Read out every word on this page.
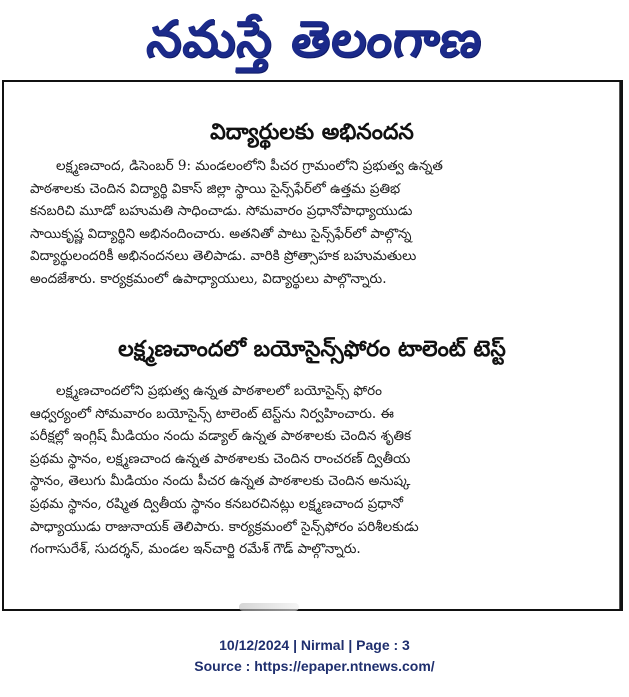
నమస్తే తెలంగాణ
విద్యార్థులకు అభినందన
లక్ష్మణచాంద, డిసెంబర్ 9: మండలంలోని పీచర గ్రామంలోని ప్రభుత్వ ఉన్నత
పాఠశాలకు చెందిన విద్యార్థి వికాస్ జిల్లా స్థాయి సైన్స్‌ఫేర్‌లో ఉత్తమ ప్రతిభ
కనబరిచి మూడో బహుమతి సాధించాడు. సోమవారం ప్రధానోపాధ్యాయుడు
సాయికృష్ణ విద్యార్థిని అభినందించారు. అతనితో పాటు సైన్స్‌ఫేర్‌లో పాల్గొన్న
విద్యార్థులందరికీ అభినందనలు తెలిపాడు. వారికి ప్రోత్సాహక బహుమతులు
అందజేశారు. కార్యక్రమంలో ఉపాధ్యాయులు, విద్యార్థులు పాల్గొన్నారు.
లక్ష్మణచాందలో బయోసైన్స్‌ఫోరం టాలెంట్ టెస్ట్
లక్ష్మణచాందలోని ప్రభుత్వ ఉన్నత పాఠశాలలో బయోసైన్స్ ఫోరం
ఆధ్వర్యంలో సోమవారం బయోసైన్స్ టాలెంట్ టెస్ట్‌ను నిర్వహించారు. ఈ
పరీక్షల్లో ఇంగ్లిష్ మీడియం నందు వడ్యాల్ ఉన్నత పాఠశాలకు చెందిన శృతిక
ప్రథమ స్థానం, లక్ష్మణచాంద ఉన్నత పాఠశాలకు చెందిన రాంచరణ్ ద్వితీయ
స్థానం, తెలుగు మీడియం నందు పీచర ఉన్నత పాఠశాలకు చెందిన అనుష్క
ప్రథమ స్థానం, రష్మిత ద్వితీయ స్థానం కనబరచినట్లు లక్ష్మణచాంద ప్రధానో
పాధ్యాయుడు రాజునాయక్ తెలిపారు. కార్యక్రమంలో సైన్స్‌ఫోరం పరిశీలకుడు
గంగాసురేశ్, సుదర్శన్, మండల ఇన్‌చార్జి రమేశ్ గౌడ్ పాల్గొన్నారు.
10/12/2024 | Nirmal | Page : 3
Source : https://epaper.ntnews.com/
